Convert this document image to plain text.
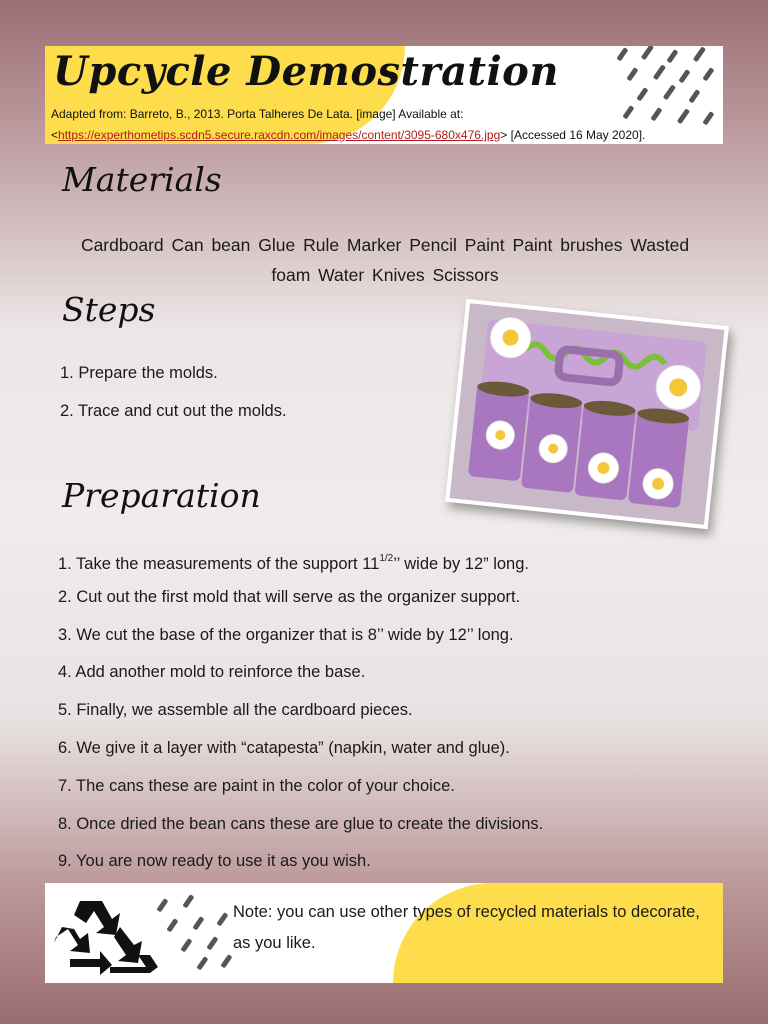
Upcycle Demostration
Adapted from: Barreto, B., 2013. Porta Talheres De Lata. [image] Available at: <https://experthometips.scdn5.secure.raxcdn.com/images/content/3095-680x476.jpg> [Accessed 16 May 2020].
Materials
Cardboard Can bean Glue Rule Marker Pencil Paint Paint brushes Wasted foam Water Knives Scissors
Steps
1. Prepare the molds.
2. Trace and cut out the molds.
Preparation
1. Take the measurements of the support $11^{1/2}$’’ wide by 12” long.
2. Cut out the first mold that will serve as the organizer support.
3. We cut the base of the organizer that is 8’’ wide by 12’’ long.
4. Add another mold to reinforce the base.
5. Finally, we assemble all the cardboard pieces.
6. We give it a layer with “catapesta” (napkin, water and glue).
7. The cans these are paint in the color of your choice.
8. Once dried the bean cans these are glue to create the divisions.
9. You are now ready to use it as you wish.
Note: you can use other types of recycled materials to decorate, as you like.
